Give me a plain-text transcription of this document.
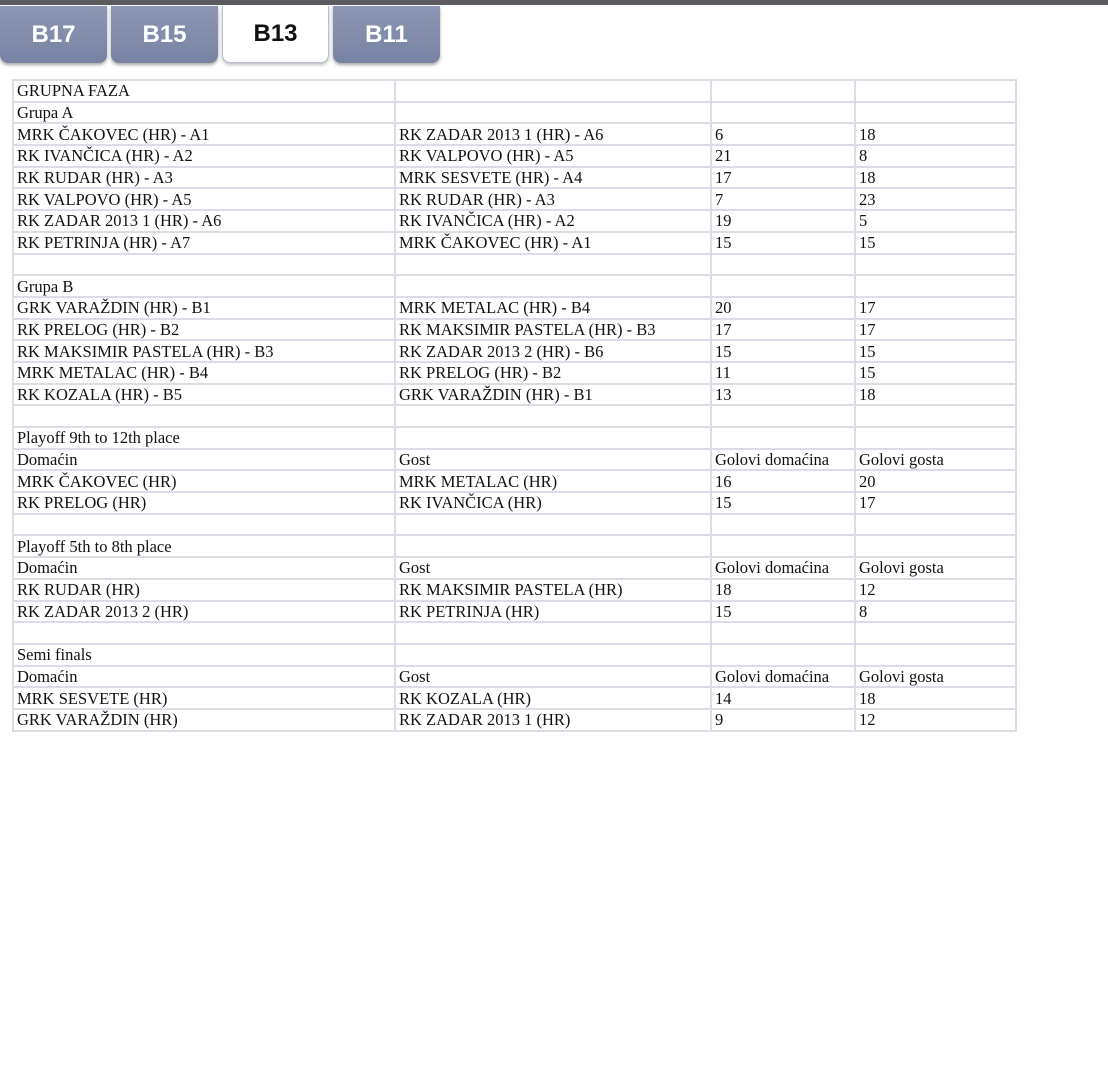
B17	B15	B13	B11
GRUPNA FAZA			
Grupa A			
MRK ČAKOVEC (HR) - A1	RK ZADAR 2013 1 (HR) - A6	6	18
RK IVANČICA (HR) - A2	RK VALPOVO (HR) - A5	21	8
RK RUDAR (HR) - A3	MRK SESVETE (HR) - A4	17	18
RK VALPOVO (HR) - A5	RK RUDAR (HR) - A3	7	23
RK ZADAR 2013 1 (HR) - A6	RK IVANČICA (HR) - A2	19	5
RK PETRINJA (HR) - A7	MRK ČAKOVEC (HR) - A1	15	15

Grupa B			
GRK VARAŽDIN (HR) - B1	MRK METALAC (HR) - B4	20	17
RK PRELOG (HR) - B2	RK MAKSIMIR PASTELA (HR) - B3	17	17
RK MAKSIMIR PASTELA (HR) - B3	RK ZADAR 2013 2 (HR) - B6	15	15
MRK METALAC (HR) - B4	RK PRELOG (HR) - B2	11	15
RK KOZALA (HR) - B5	GRK VARAŽDIN (HR) - B1	13	18

Playoff 9th to 12th place			
Domaćin	Gost	Golovi domaćina	Golovi gosta
MRK ČAKOVEC (HR)	MRK METALAC (HR)	16	20
RK PRELOG (HR)	RK IVANČICA (HR)	15	17

Playoff 5th to 8th place			
Domaćin	Gost	Golovi domaćina	Golovi gosta
RK RUDAR (HR)	RK MAKSIMIR PASTELA (HR)	18	12
RK ZADAR 2013 2 (HR)	RK PETRINJA (HR)	15	8

Semi finals			
Domaćin	Gost	Golovi domaćina	Golovi gosta
MRK SESVETE (HR)	RK KOZALA (HR)	14	18
GRK VARAŽDIN (HR)	RK ZADAR 2013 1 (HR)	9	12
